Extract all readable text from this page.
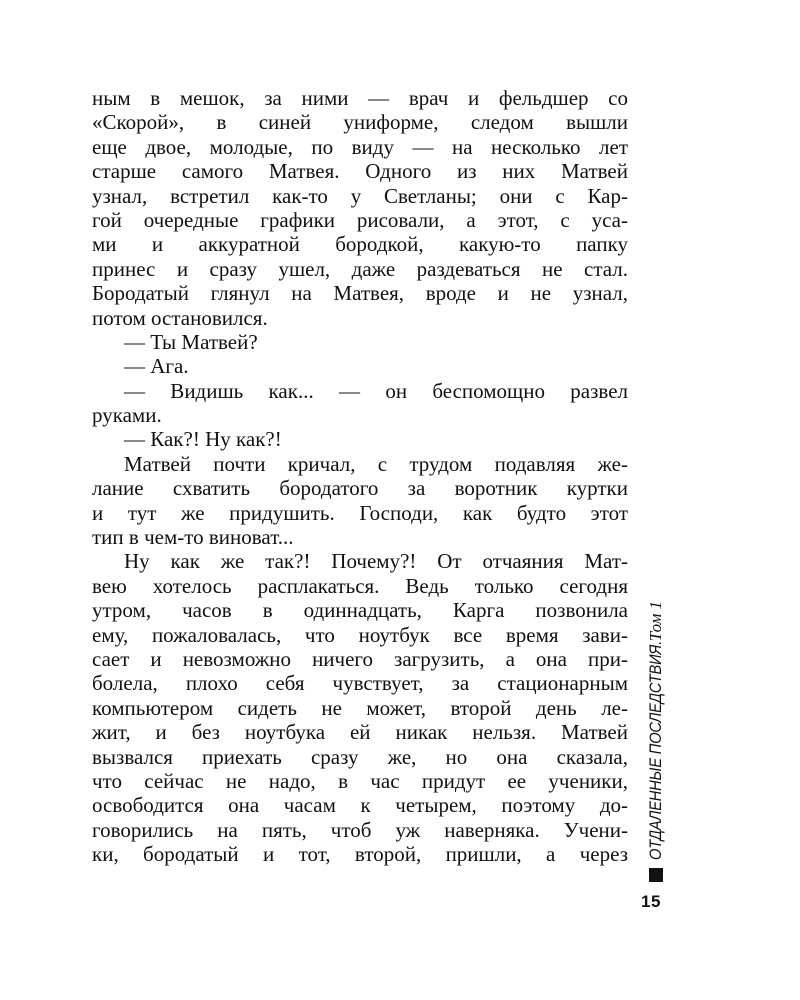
ным в мешок, за ними — врач и фельдшер со
«Скорой», в синей униформе, следом вышли
еще двое, молодые, по виду — на несколько лет
старше самого Матвея. Одного из них Матвей
узнал, встретил как-то у Светланы; они с Кар-
гой очередные графики рисовали, а этот, с уса-
ми и аккуратной бородкой, какую-то папку
принес и сразу ушел, даже раздеваться не стал.
Бородатый глянул на Матвея, вроде и не узнал,
потом остановился.
— Ты Матвей?
— Ага.
— Видишь как... — он беспомощно развел
руками.
— Как?! Ну как?!
Матвей почти кричал, с трудом подавляя же-
лание схватить бородатого за воротник куртки
и тут же придушить. Господи, как будто этот
тип в чем-то виноват...
Ну как же так?! Почему?! От отчаяния Мат-
вею хотелось расплакаться. Ведь только сегодня
утром, часов в одиннадцать, Карга позвонила
ему, пожаловалась, что ноутбук все время зави-
сает и невозможно ничего загрузить, а она при-
болела, плохо себя чувствует, за стационарным
компьютером сидеть не может, второй день ле-
жит, и без ноутбука ей никак нельзя. Матвей
вызвался приехать сразу же, но она сказала,
что сейчас не надо, в час придут ее ученики,
освободится она часам к четырем, поэтому до-
говорились на пять, чтоб уж наверняка. Учени-
ки, бородатый и тот, второй, пришли, а через ОТДАЛЕННЫЕ ПОСЛЕДСТВИЯ.
Том 1
15
